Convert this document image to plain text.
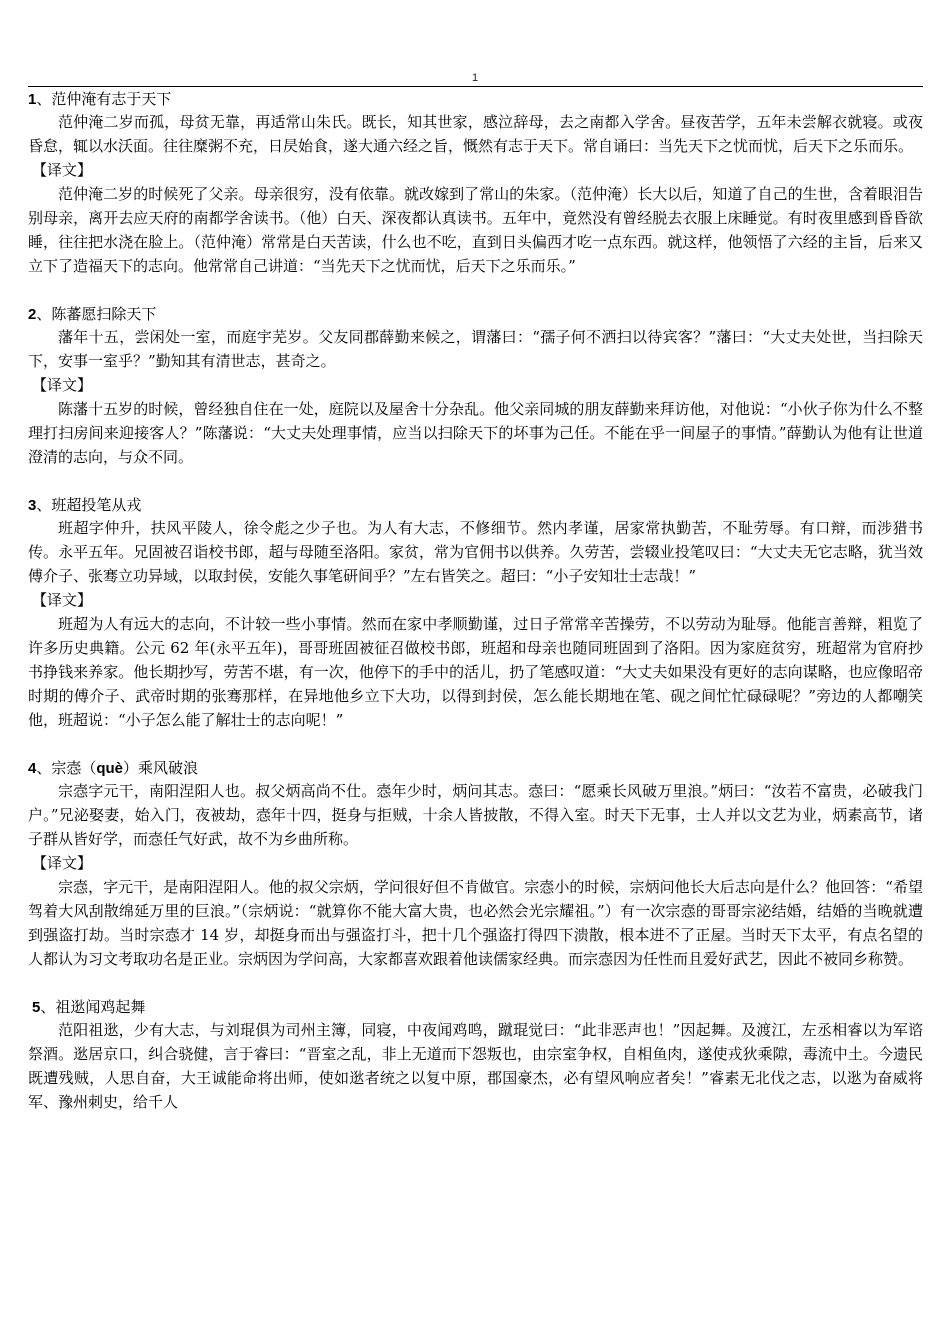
1
1、范仲淹有志于天下

范仲淹二岁而孤，母贫无靠，再适常山朱氏。既长，知其世家，感泣辞母，去之南都入学舍。昼夜苦学，五年未尝解衣就寝。或夜昏怠，辄以水沃面。往往糜粥不充，日昃始食，遂大通六经之旨，慨然有志于天下。常自诵曰：当先天下之忧而忧，后天下之乐而乐。

【译文】

范仲淹二岁的时候死了父亲。母亲很穷，没有依靠。就改嫁到了常山的朱家。（范仲淹）长大以后，知道了自己的生世，含着眼泪告别母亲，离开去应天府的南都学舍读书。（他）白天、深夜都认真读书。五年中，竟然没有曾经脱去衣服上床睡觉。有时夜里感到昏昏欲睡，往往把水浇在脸上。（范仲淹）常常是白天苦读，什么也不吃，直到日头偏西才吃一点东西。就这样，他领悟了六经的主旨，后来又立下了造福天下的志向。他常常自己讲道：“当先天下之忧而忧，后天下之乐而乐。”

2、陈蕃愿扫除天下

藩年十五，尝闲处一室，而庭宇芜岁。父友同郡薛勤来候之，谓藩曰：“孺子何不洒扫以待宾客？”藩曰：“大丈夫处世，当扫除天下，安事一室乎？”勤知其有清世志，甚奇之。

【译文】

陈藩十五岁的时候，曾经独自住在一处，庭院以及屋舍十分杂乱。他父亲同城的朋友薛勤来拜访他，对他说：“小伙子你为什么不整理打扫房间来迎接客人？”陈藩说：“大丈夫处理事情，应当以扫除天下的坏事为己任。不能在乎一间屋子的事情。”薛勤认为他有让世道澄清的志向，与众不同。

3、班超投笔从戎

班超字仲升，扶风平陵人，徐令彪之少子也。为人有大志，不修细节。然内孝谨，居家常执勤苦，不耻劳辱。有口辩，而涉猎书传。永平五年。兄固被召诣校书郎，超与母随至洛阳。家贫，常为官佣书以供养。久劳苦，尝辍业投笔叹曰：“大丈夫无它志略，犹当效傅介子、张骞立功异域，以取封侯，安能久事笔研间乎？”左右皆笑之。超曰：“小子安知壮士志哉！”

【译文】

班超为人有远大的志向，不计较一些小事情。然而在家中孝顺勤谨，过日子常常辛苦操劳，不以劳动为耻辱。他能言善辩，粗览了许多历史典籍。公元 62 年(永平五年)，哥哥班固被征召做校书郎，班超和母亲也随同班固到了洛阳。因为家庭贫穷，班超常为官府抄书挣钱来养家。他长期抄写，劳苦不堪，有一次，他停下的手中的活儿，扔了笔感叹道：“大丈夫如果没有更好的志向谋略，也应像昭帝时期的傅介子、武帝时期的张骞那样，在异地他乡立下大功，以得到封侯，怎么能长期地在笔、砚之间忙忙碌碌呢？”旁边的人都嘲笑他，班超说：“小子怎么能了解壮士的志向呢！”

4、宗悫（què）乘风破浪

宗悫字元干，南阳涅阳人也。叔父炳高尚不仕。悫年少时，炳问其志。悫曰：“愿乘长风破万里浪。”炳曰：“汝若不富贵，必破我门户。”兄泌娶妻，始入门，夜被劫，悫年十四，挺身与拒贼，十余人皆披散，不得入室。时天下无事，士人并以文艺为业，炳素高节，诸子群从皆好学，而悫任气好武，故不为乡曲所称。

【译文】

宗悫，字元干，是南阳涅阳人。他的叔父宗炳，学问很好但不肯做官。宗悫小的时候，宗炳问他长大后志向是什么？他回答：“希望驾着大风刮散绵延万里的巨浪。”（宗炳说：“就算你不能大富大贵，也必然会光宗耀祖。”）有一次宗悫的哥哥宗泌结婚，结婚的当晚就遭到强盗打劫。当时宗悫才 14 岁，却挺身而出与强盗打斗，把十几个强盗打得四下溃散，根本进不了正屋。当时天下太平，有点名望的人都认为习文考取功名是正业。宗炳因为学问高，大家都喜欢跟着他读儒家经典。而宗悫因为任性而且爱好武艺，因此不被同乡称赞。

5、祖逖闻鸡起舞

范阳祖逖，少有大志，与刘琨俱为司州主簿，同寝，中夜闻鸡鸣，蹴琨觉曰：“此非恶声也！”因起舞。及渡江，左丞相睿以为军谘祭酒。逖居京口，纠合骁健，言于睿曰：“晋室之乱，非上无道而下怨叛也，由宗室争权，自相鱼肉，遂使戎狄乘隙，毒流中土。今遗民既遭残贼，人思自奋，大王诚能命将出师，使如逖者统之以复中原，郡国豪杰，必有望风响应者矣！”睿素无北伐之志，以逖为奋威将军、豫州刺史，给千人
